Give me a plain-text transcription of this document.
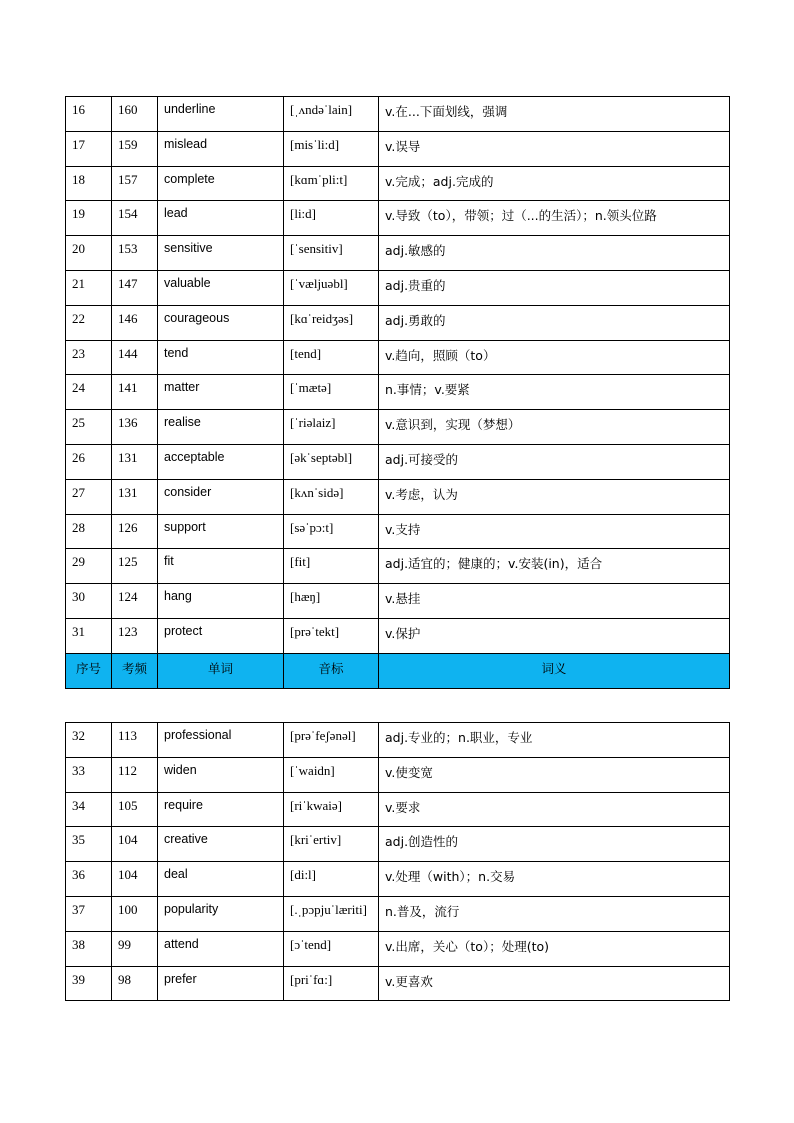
16	160	underline	[ˌʌndəˈlain]	v.在...下面划线，强调
17	159	mislead	[misˈli:d]	v.误导
18	157	complete	[kɑmˈpli:t]	v.完成；adj.完成的
19	154	lead	[li:d]	v.导致（to），带领；过（...的生活）；n.领头位路
20	153	sensitive	[ˈsensitiv]	adj.敏感的
21	147	valuable	[ˈvæljuəbl]	adj.贵重的
22	146	courageous	[kɑˈreidʒəs]	adj.勇敢的
23	144	tend	[tend]	v.趋向，照顾（to）
24	141	matter	[ˈmætə]	n.事情；v.要紧
25	136	realise	[ˈriəlaiz]	v.意识到，实现（梦想）
26	131	acceptable	[əkˈseptəbl]	adj.可接受的
27	131	consider	[kʌnˈsidə]	v.考虑，认为
28	126	support	[səˈpɔ:t]	v.支持
29	125	fit	[fit]	adj.适宜的；健康的；v.安装(in)，适合
30	124	hang	[hæŋ]	v.悬挂
31	123	protect	[prəˈtekt]	v.保护
序号	考频	单词	音标	词义
32	113	professional	[prəˈfeʃənəl]	adj.专业的；n.职业，专业
33	112	widen	[ˈwaidn]	v.使变宽
34	105	require	[riˈkwaiə]	v.要求
35	104	creative	[kriˈertiv]	adj.创造性的
36	104	deal	[di:l]	v.处理（with）；n.交易
37	100	popularity	[.ˌpɔpjuˈlæriti]	n.普及，流行
38	99	attend	[ɔˈtend]	v.出席，关心（to）；处理(to)
39	98	prefer	[priˈfɑ:]	v.更喜欢
